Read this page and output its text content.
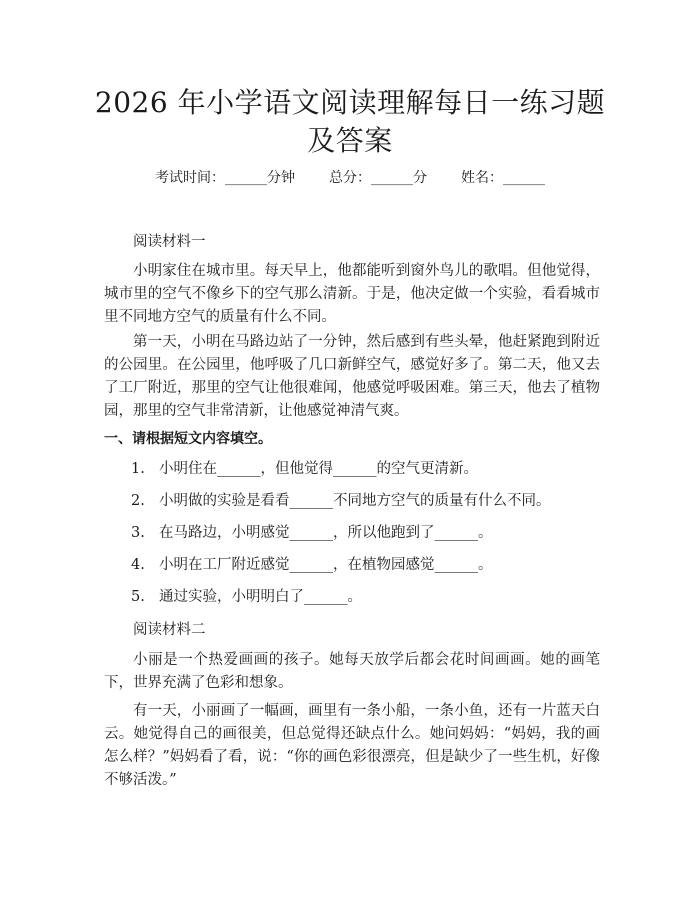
2026 年小学语文阅读理解每日一练习题及答案
考试时间：______分钟 总分：______分 姓名：______
阅读材料一
小明家住在城市里。每天早上，他都能听到窗外鸟儿的歌唱。但他觉得，城市里的空气不像乡下的空气那么清新。于是，他决定做一个实验，看看城市里不同地方空气的质量有什么不同。
第一天，小明在马路边站了一分钟，然后感到有些头晕，他赶紧跑到附近的公园里。在公园里，他呼吸了几口新鲜空气，感觉好多了。第二天，他又去了工厂附近，那里的空气让他很难闻，他感觉呼吸困难。第三天，他去了植物园，那里的空气非常清新，让他感觉神清气爽。
一、请根据短文内容填空。
1. 小明住在______，但他觉得______的空气更清新。
2. 小明做的实验是看看______不同地方空气的质量有什么不同。
3. 在马路边，小明感觉______，所以他跑到了______。
4. 小明在工厂附近感觉______，在植物园感觉______。
5. 通过实验，小明明白了______。
阅读材料二
小丽是一个热爱画画的孩子。她每天放学后都会花时间画画。她的画笔下，世界充满了色彩和想象。
有一天，小丽画了一幅画，画里有一条小船，一条小鱼，还有一片蓝天白云。她觉得自己的画很美，但总觉得还缺点什么。她问妈妈：“妈妈，我的画怎么样？”妈妈看了看，说：“你的画色彩很漂亮，但是缺少了一些生机，好像不够活泼。”
